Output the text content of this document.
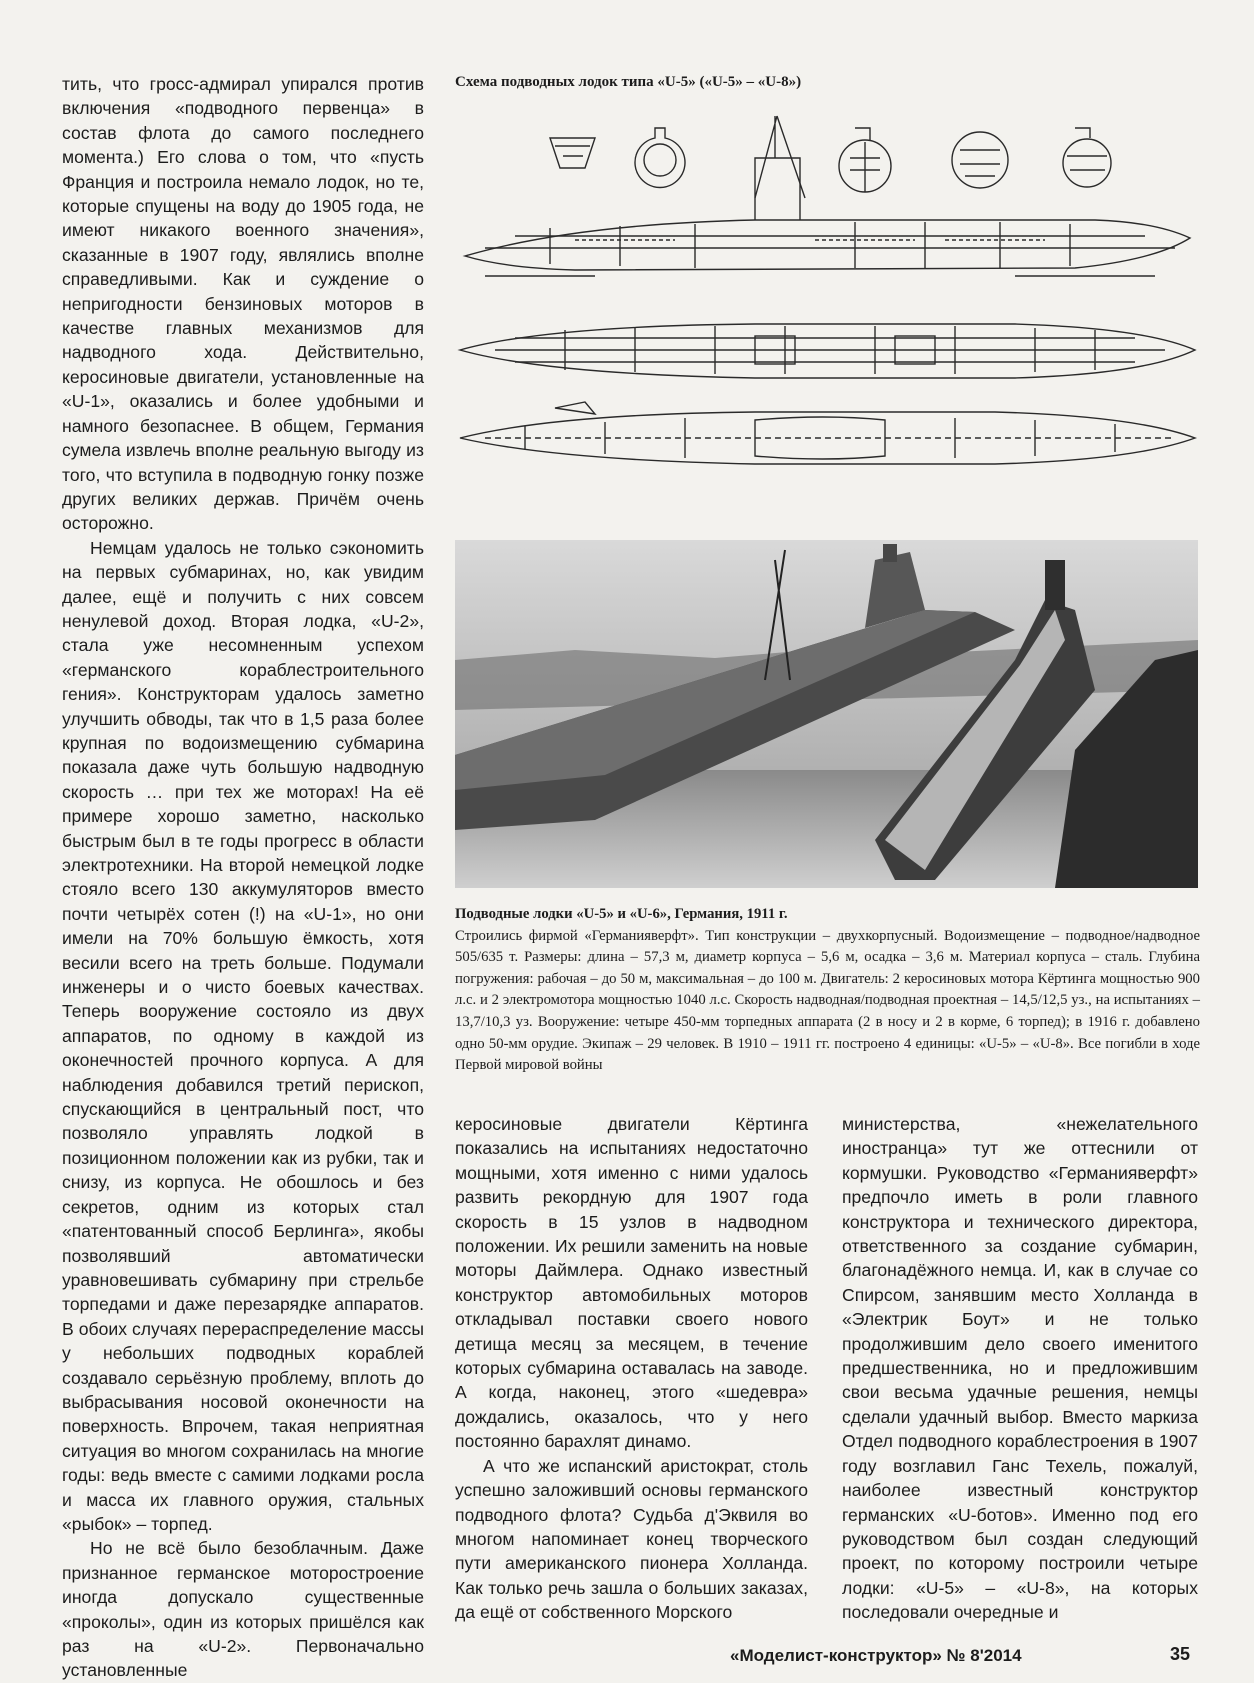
тить, что гросс-адмирал упирался против включения «подводного первенца» в состав флота до самого последнего момента.) Его слова о том, что «пусть Франция и построила немало лодок, но те, которые спущены на воду до 1905 года, не имеют никакого военного значения», сказанные в 1907 году, являлись вполне справедливыми. Как и суждение о непригодности бензиновых моторов в качестве главных механизмов для надводного хода. Действительно, керосиновые двигатели, установленные на «U-1», оказались и более удобными и намного безопаснее. В общем, Германия сумела извлечь вполне реальную выгоду из того, что вступила в подводную гонку позже других великих держав. Причём очень осторожно.

Немцам удалось не только сэкономить на первых субмаринах, но, как увидим далее, ещё и получить с них совсем ненулевой доход. Вторая лодка, «U-2», стала уже несомненным успехом «германского кораблестроительного гения». Конструкторам удалось заметно улучшить обводы, так что в 1,5 раза более крупная по водоизмещению субмарина показала даже чуть большую надводную скорость … при тех же моторах! На её примере хорошо заметно, насколько быстрым был в те годы прогресс в области электротехники. На второй немецкой лодке стояло всего 130 аккумуляторов вместо почти четырёх сотен (!) на «U-1», но они имели на 70% большую ёмкость, хотя весили всего на треть больше. Подумали инженеры и о чисто боевых качествах. Теперь вооружение состояло из двух аппаратов, по одному в каждой из оконечностей прочного корпуса. А для наблюдения добавился третий перископ, спускающийся в центральный пост, что позволяло управлять лодкой в позиционном положении как из рубки, так и снизу, из корпуса. Не обошлось и без секретов, одним из которых стал «патентованный способ Берлинга», якобы позволявший автоматически уравновешивать субмарину при стрельбе торпедами и даже перезарядке аппаратов. В обоих случаях перераспределение массы у небольших подводных кораблей создавало серьёзную проблему, вплоть до выбрасывания носовой оконечности на поверхность. Впрочем, такая неприятная ситуация во многом сохранилась на многие годы: ведь вместе с самими лодками росла и масса их главного оружия, стальных «рыбок» – торпед.

Но не всё было безоблачным. Даже признанное германское моторостроение иногда допускало существенные «проколы», один из которых пришёлся как раз на «U-2». Первоначально установленные

Схема подводных лодок типа «U-5» («U-5» – «U-8»)
Подводные лодки «U-5» и «U-6», Германия, 1911 г.
Строились фирмой «Германияверфт». Тип конструкции – двухкорпусный. Водоизмещение – подводное/надводное 505/635 т. Размеры: длина – 57,3 м, диаметр корпуса – 5,6 м, осадка – 3,6 м. Материал корпуса – сталь. Глубина погружения: рабочая – до 50 м, максимальная – до 100 м. Двигатель: 2 керосиновых мотора Кёртинга мощностью 900 л.с. и 2 электромотора мощностью 1040 л.с. Скорость надводная/подводная проектная – 14,5/12,5 уз., на испытаниях – 13,7/10,3 уз. Вооружение: четыре 450-мм торпедных аппарата (2 в носу и 2 в корме, 6 торпед); в 1916 г. добавлено одно 50-мм орудие. Экипаж – 29 человек. В 1910 – 1911 гг. построено 4 единицы: «U-5» – «U-8». Все погибли в ходе Первой мировой войны

керосиновые двигатели Кёртинга показались на испытаниях недостаточно мощными, хотя именно с ними удалось развить рекордную для 1907 года скорость в 15 узлов в надводном положении. Их решили заменить на новые моторы Даймлера. Однако известный конструктор автомобильных моторов откладывал поставки своего нового детища месяц за месяцем, в течение которых субмарина оставалась на заводе. А когда, наконец, этого «шедевра» дождались, оказалось, что у него постоянно барахлят динамо.

А что же испанский аристократ, столь успешно заложивший основы германского подводного флота? Судьба д'Эквиля во многом напоминает конец творческого пути американского пионера Холланда. Как только речь зашла о больших заказах, да ещё от собственного Морского

министерства, «нежелательного иностранца» тут же оттеснили от кормушки. Руководство «Германияверфт» предпочло иметь в роли главного конструктора и технического директора, ответственного за создание субмарин, благонадёжного немца. И, как в случае со Спирсом, занявшим место Холланда в «Электрик Боут» и не только продолжившим дело своего именитого предшественника, но и предложившим свои весьма удачные решения, немцы сделали удачный выбор. Вместо маркиза Отдел подводного кораблестроения в 1907 году возглавил Ганс Техель, пожалуй, наиболее известный конструктор германских «U-ботов». Именно под его руководством был создан следующий проект, по которому построили четыре лодки: «U-5» – «U-8», на которых последовали очередные и

«Моделист-конструктор» № 8'2014	35
